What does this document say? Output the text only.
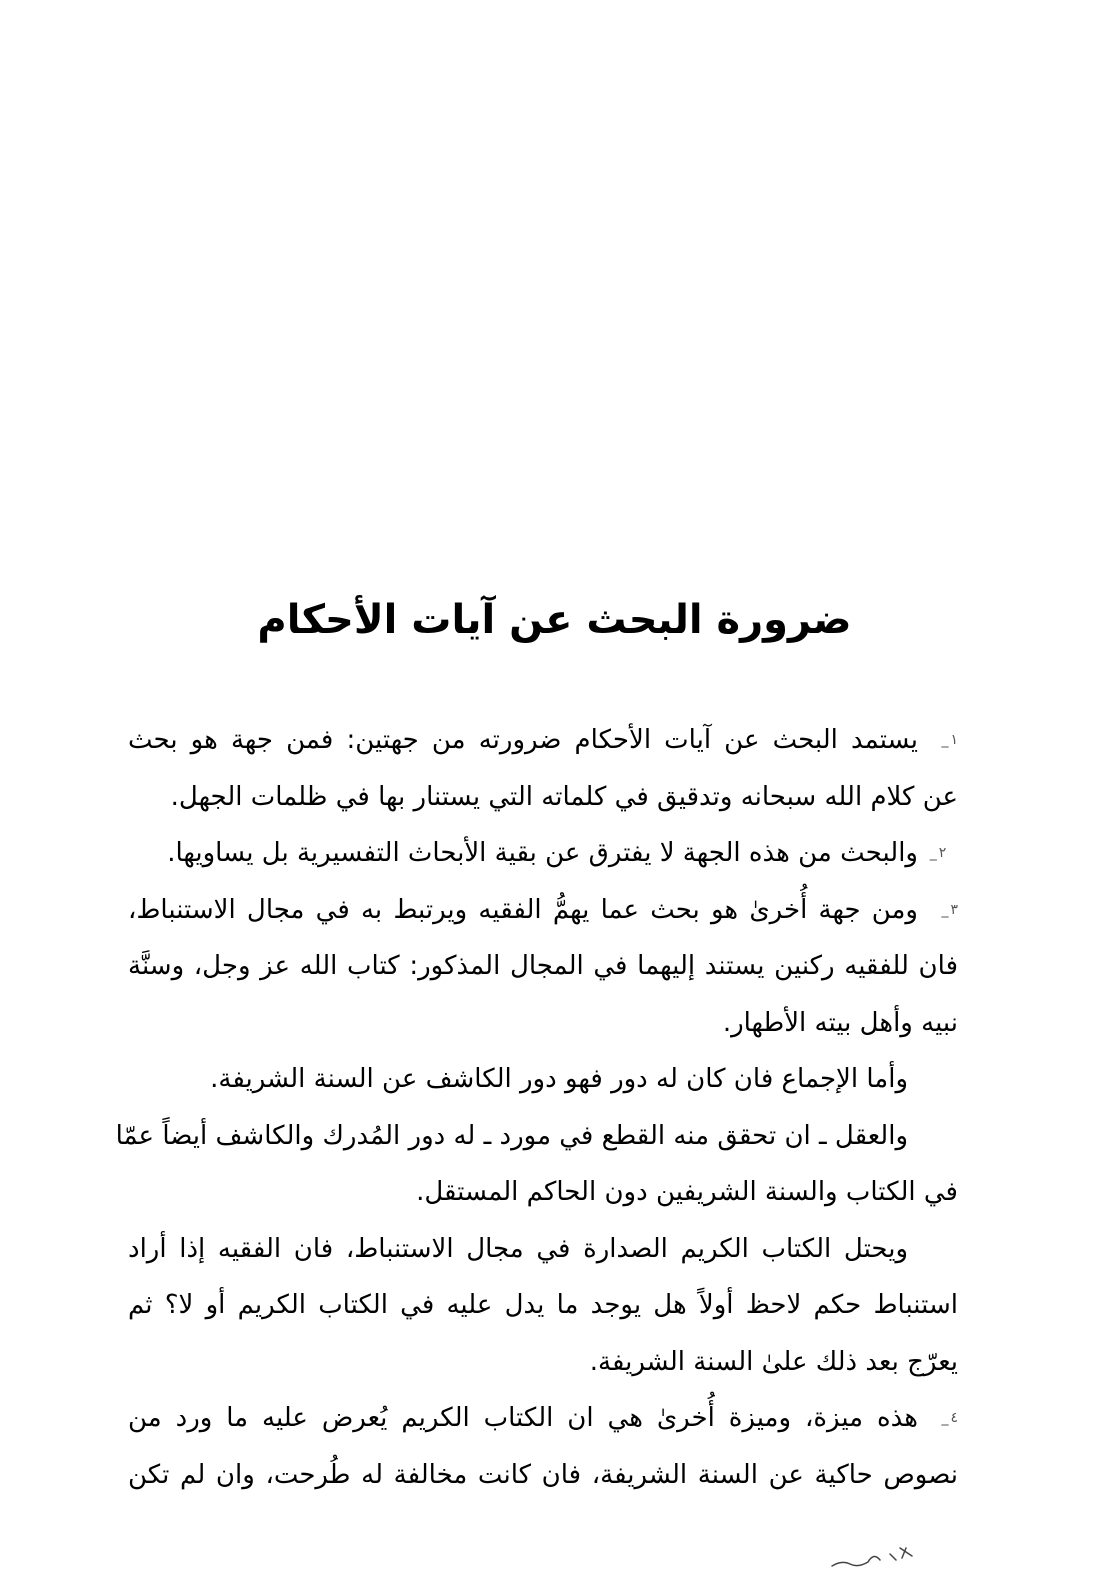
ضرورة البحث عن آيات الأحكام
١ _يستمد البحث عن آيات الأحكام ضرورته من جهتين: فمن جهة هو بحث
عن كلام الله سبحانه وتدقيق في كلماته التي يستنار بها في ظلمات الجهل.
٢ _والبحث من هذه الجهة لا يفترق عن بقية الأبحاث التفسيرية بل يساويها.
٣ _ومن جهة أُخرىٰ هو بحث عما يهمُّ الفقيه ويرتبط به في مجال الاستنباط،
فان للفقيه ركنين يستند إليهما في المجال المذكور: كتاب الله عز وجل، وسنَّة
نبيه وأهل بيته الأطهار.
وأما الإجماع فان كان له دور فهو دور الكاشف عن السنة الشريفة.
والعقل ـ ان تحقق منه القطع في مورد ـ له دور المُدرك والكاشف أيضاً عمّا
في الكتاب والسنة الشريفين دون الحاكم المستقل.
ويحتل الكتاب الكريم الصدارة في مجال الاستنباط، فان الفقيه إذا أراد
استنباط حكم لاحظ أولاً هل يوجد ما يدل عليه في الكتاب الكريم أو لا؟ ثم
يعرّج بعد ذلك علىٰ السنة الشريفة.
٤ _هذه ميزة، وميزة أُخرىٰ هي ان الكتاب الكريم يُعرض عليه ما ورد من
نصوص حاكية عن السنة الشريفة، فان كانت مخالفة له طُرحت، وان لم تكن
